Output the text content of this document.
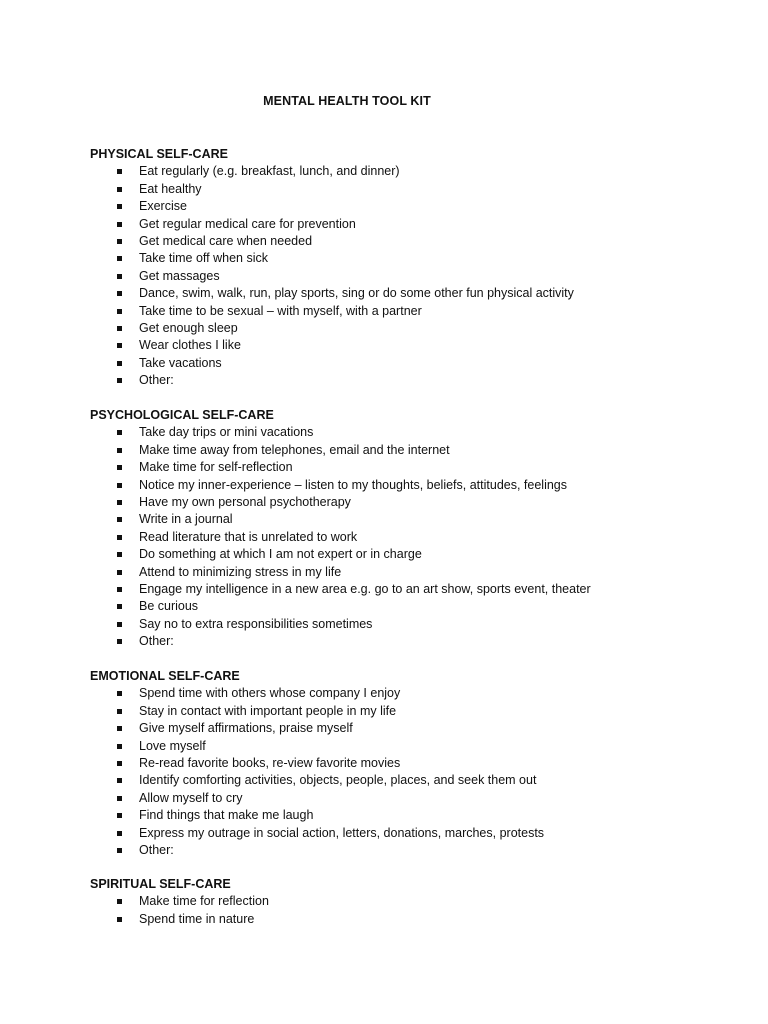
MENTAL HEALTH TOOL KIT
PHYSICAL SELF-CARE
Eat regularly (e.g. breakfast, lunch, and dinner)
Eat healthy
Exercise
Get regular medical care for prevention
Get medical care when needed
Take time off when sick
Get massages
Dance, swim, walk, run, play sports, sing or do some other fun physical activity
Take time to be sexual – with myself, with a partner
Get enough sleep
Wear clothes I like
Take vacations
Other:
PSYCHOLOGICAL SELF-CARE
Take day trips or mini vacations
Make time away from telephones, email and the internet
Make time for self-reflection
Notice my inner-experience – listen to my thoughts, beliefs, attitudes, feelings
Have my own personal psychotherapy
Write in a journal
Read literature that is unrelated to work
Do something at which I am not expert or in charge
Attend to minimizing stress in my life
Engage my intelligence in a new area e.g. go to an art show, sports event, theater
Be curious
Say no to extra responsibilities sometimes
Other:
EMOTIONAL SELF-CARE
Spend time with others whose company I enjoy
Stay in contact with important people in my life
Give myself affirmations, praise myself
Love myself
Re-read favorite books, re-view favorite movies
Identify comforting activities, objects, people, places, and seek them out
Allow myself to cry
Find things that make me laugh
Express my outrage in social action, letters, donations, marches, protests
Other:
SPIRITUAL SELF-CARE
Make time for reflection
Spend time in nature
